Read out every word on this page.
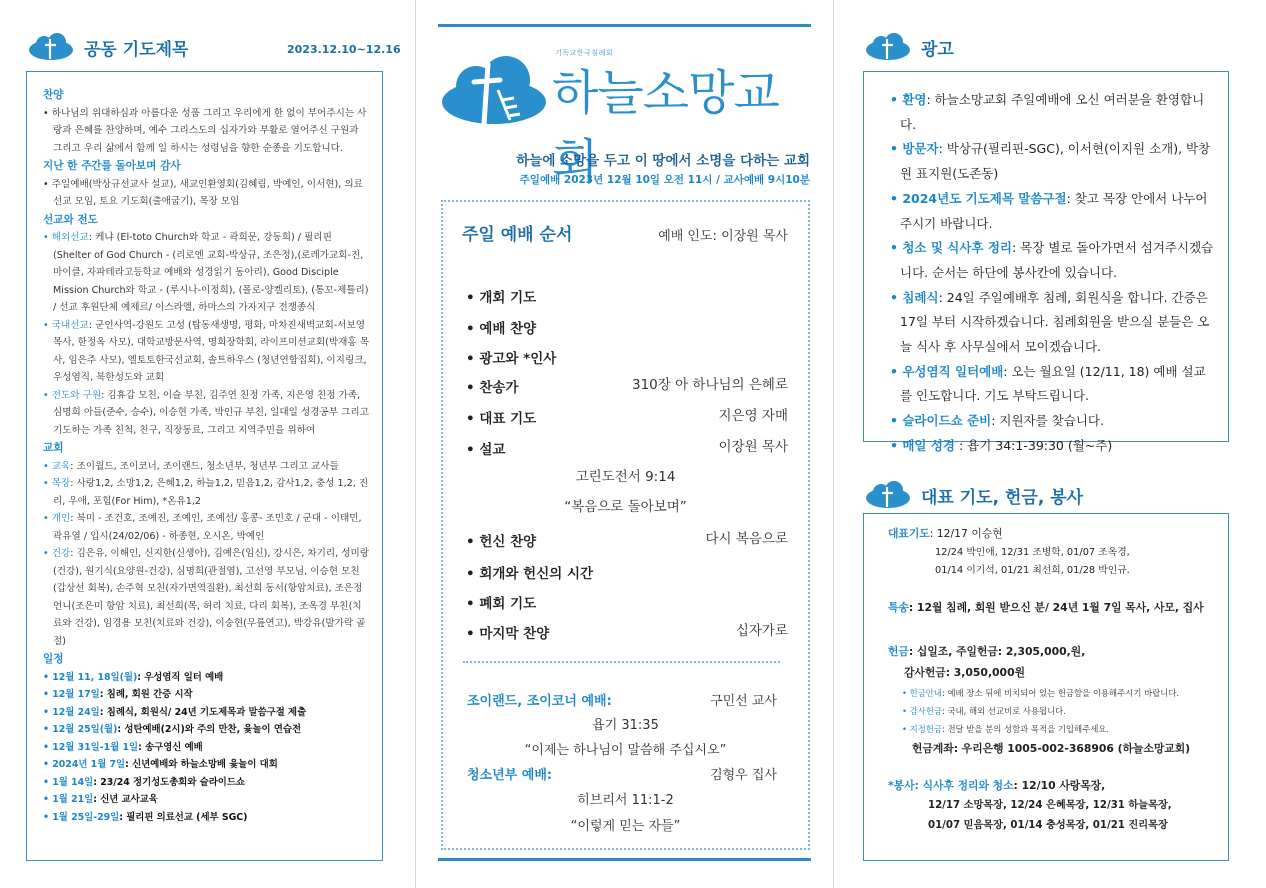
공동 기도제목	2023.12.10~12.16
찬양
• 하나님의 위대하심과 아름다운 성품 그리고 우리에게 한 없이 부어주시는 사랑과 은혜를 찬양하며, 예수 그리스도의 십자가와 부활로 열어주신 구원과 그리고 우리 삶에서 함께 일 하시는 성령님을 향한 순종을 기도합니다.
지난 한 주간를 돌아보며 감사
• 주일예배(박상규선교사 설교), 새교인환영회(김혜림, 박예인, 이서현), 의료 선교 모임, 토요 기도회(출애굽기), 목장 모임
선교와 전도
• 해외선교: 케냐 (El-toto Church와 학교 - 곽희문, 강동희) / 필리핀 (Shelter of God Church - (리로엔 교회-박상규, 조은정),(로레가교회-진, 마이클, 자파테라고등학교 예배와 성경읽기 동아리), Good Disciple Mission Church와 학교 - (루시나-이정희), (몰로-양켈리토), (통꼬-제틀리) / 선교 후원단체 예제르/ 이스라엘, 하마스의 가자지구 전쟁종식
• 국내선교: 군인사역-강원도 고성 (탑동새생명, 평화, 마차진새벽교회-서보영목사, 한정옥 사모), 대학교방문사역, 명희장학회, 라이프미션교회(박재홍 목사, 임은주 사모), 엘토토한국선교회, 솔트하우스 (청년연합집회), 이지링크, 우성염직, 북한성도와 교회
• 전도와 구원: 김휴갑 모친, 이슬 부친, 김주연 친정 가족, 지은영 친정 가족, 심명희 아들(준수, 승수), 이승현 가족, 박인규 부친, 일대일 성경공부 그리고 기도하는 가족 친척, 친구, 직장동료, 그리고 지역주민을 위하여
교회
• 교육: 조이월드, 조이코너, 조이랜드, 청소년부, 청년부 그리고 교사들
• 목장: 사랑1,2, 소망1,2, 은혜1,2, 하늘1,2, 믿음1,2, 감사1,2, 충성 1,2, 진리, 우애, 포힘(For Him), *온유1,2
• 개인: 북미 - 조건호, 조예진, 조예인, 조예선/ 홍콩- 조민호 / 군대 - 이태민, 곽유열 / 입시(24/02/06) - 하종현, 오시온, 박예인
• 건강: 김은유, 이해인, 신지한(신생아), 김예은(임신), 강시은, 차기리, 성미랑(건강), 원기식(요양원-건강), 심명희(관절염), 고선영 부모님, 이승현 모친(갑상선 회복), 손주혁 모친(자가면역질환), 최선희 동서(항암치료), 조은정 언니(조은미 항암 치료), 최선희(목, 허리 치료, 다리 회복), 조옥경 부친(치료와 건강), 임경용 모친(치료와 건강), 이승현(무릎연고), 박강유(발가락 골절)
일정
• 12월 11, 18일(월): 우성염직 일터 예배
• 12월 17일: 침례, 회원 간증 시작
• 12월 24일: 침례식, 회원식/ 24년 기도제목과 말씀구절 제출
• 12월 25일(월): 성탄예배(2시)와 주의 만찬, 윷놀이 연습전
• 12월 31일-1월 1일: 송구영신 예배
• 2024년 1월 7일: 신년예배와 하늘소망배 윷놀이 대회
• 1월 14일: 23/24 정기성도총회와 슬라이드쇼
• 1월 21일: 신년 교사교육
• 1월 25일-29일: 필리핀 의료선교 (세부 SGC)
기독교한국침례회
하늘소망교회
하늘에 소망을 두고 이 땅에서 소명을 다하는 교회
주일예배 2023년 12월 10일 오전 11시 / 교사예배 9시10분
주일 예배 순서	예배 인도: 이장원 목사
• 개회 기도
• 예배 찬양
• 광고와 *인사
• 찬송가	310장 아 하나님의 은혜로
• 대표 기도	지은영 자매
• 설교	이장원 목사
고린도전서 9:14
“복음으로 돌아보며”
• 헌신 찬양	다시 복음으로
• 회개와 헌신의 시간
• 폐회 기도
• 마지막 찬양	십자가로
조이랜드, 조이코너 예배:	구민선 교사
욥기 31:35
“이제는 하나님이 말씀해 주십시오”
청소년부 예배:	김형우 집사
히브리서 11:1-2
“이렇게 믿는 자들”
광고
• 환영: 하늘소망교회 주일예배에 오신 여러분을 환영합니다.
• 방문자: 박상규(필리핀-SGC), 이서현(이지원 소개), 박창원 표지원(도존동)
• 2024년도 기도제목 말씀구절: 찾고 목장 안에서 나누어 주시기 바랍니다.
• 청소 및 식사후 정리: 목장 별로 돌아가면서 섬겨주시겠습니다. 순서는 하단에 봉사칸에 있습니다.
• 침례식: 24일 주일예배후 침례, 회원식을 합니다. 간증은 17일 부터 시작하겠습니다. 침례회원을 받으실 분들은 오늘 식사 후 사무실에서 모이겠습니다.
• 우성염직 일터예배: 오는 월요일 (12/11, 18) 예배 설교를 인도합니다. 기도 부탁드립니다.
• 슬라이드쇼 준비: 지원자를 찾습니다.
• 매일 성경 : 욥기 34:1-39:30 (월~주)
대표 기도, 헌금, 봉사
대표기도: 12/17 이승현
12/24 박인애, 12/31 조병학, 01/07 조옥경,
01/14 이기석, 01/21 최선희, 01/28 박인규.
특송: 12월 침례, 회원 받으신 분/ 24년 1월 7일 목사, 사모, 집사
헌금: 십일조, 주일헌금: 2,305,000,원,
감사헌금: 3,050,000원
• 헌금안내: 예배 장소 뒤에 비치되어 있는 헌금함을 이용해주시기 바랍니다.
• 감사헌금: 국내, 해외 선교비로 사용됩니다.
• 지정헌금: 전달 받을 분의 성함과 목적을 기입해주세요.
헌금계좌: 우리은행 1005-002-368906 (하늘소망교회)
*봉사: 식사후 정리와 청소: 12/10 사랑목장,
12/17 소망목장, 12/24 은혜목장, 12/31 하늘목장,
01/07 믿음목장, 01/14 충성목장, 01/21 진리목장
